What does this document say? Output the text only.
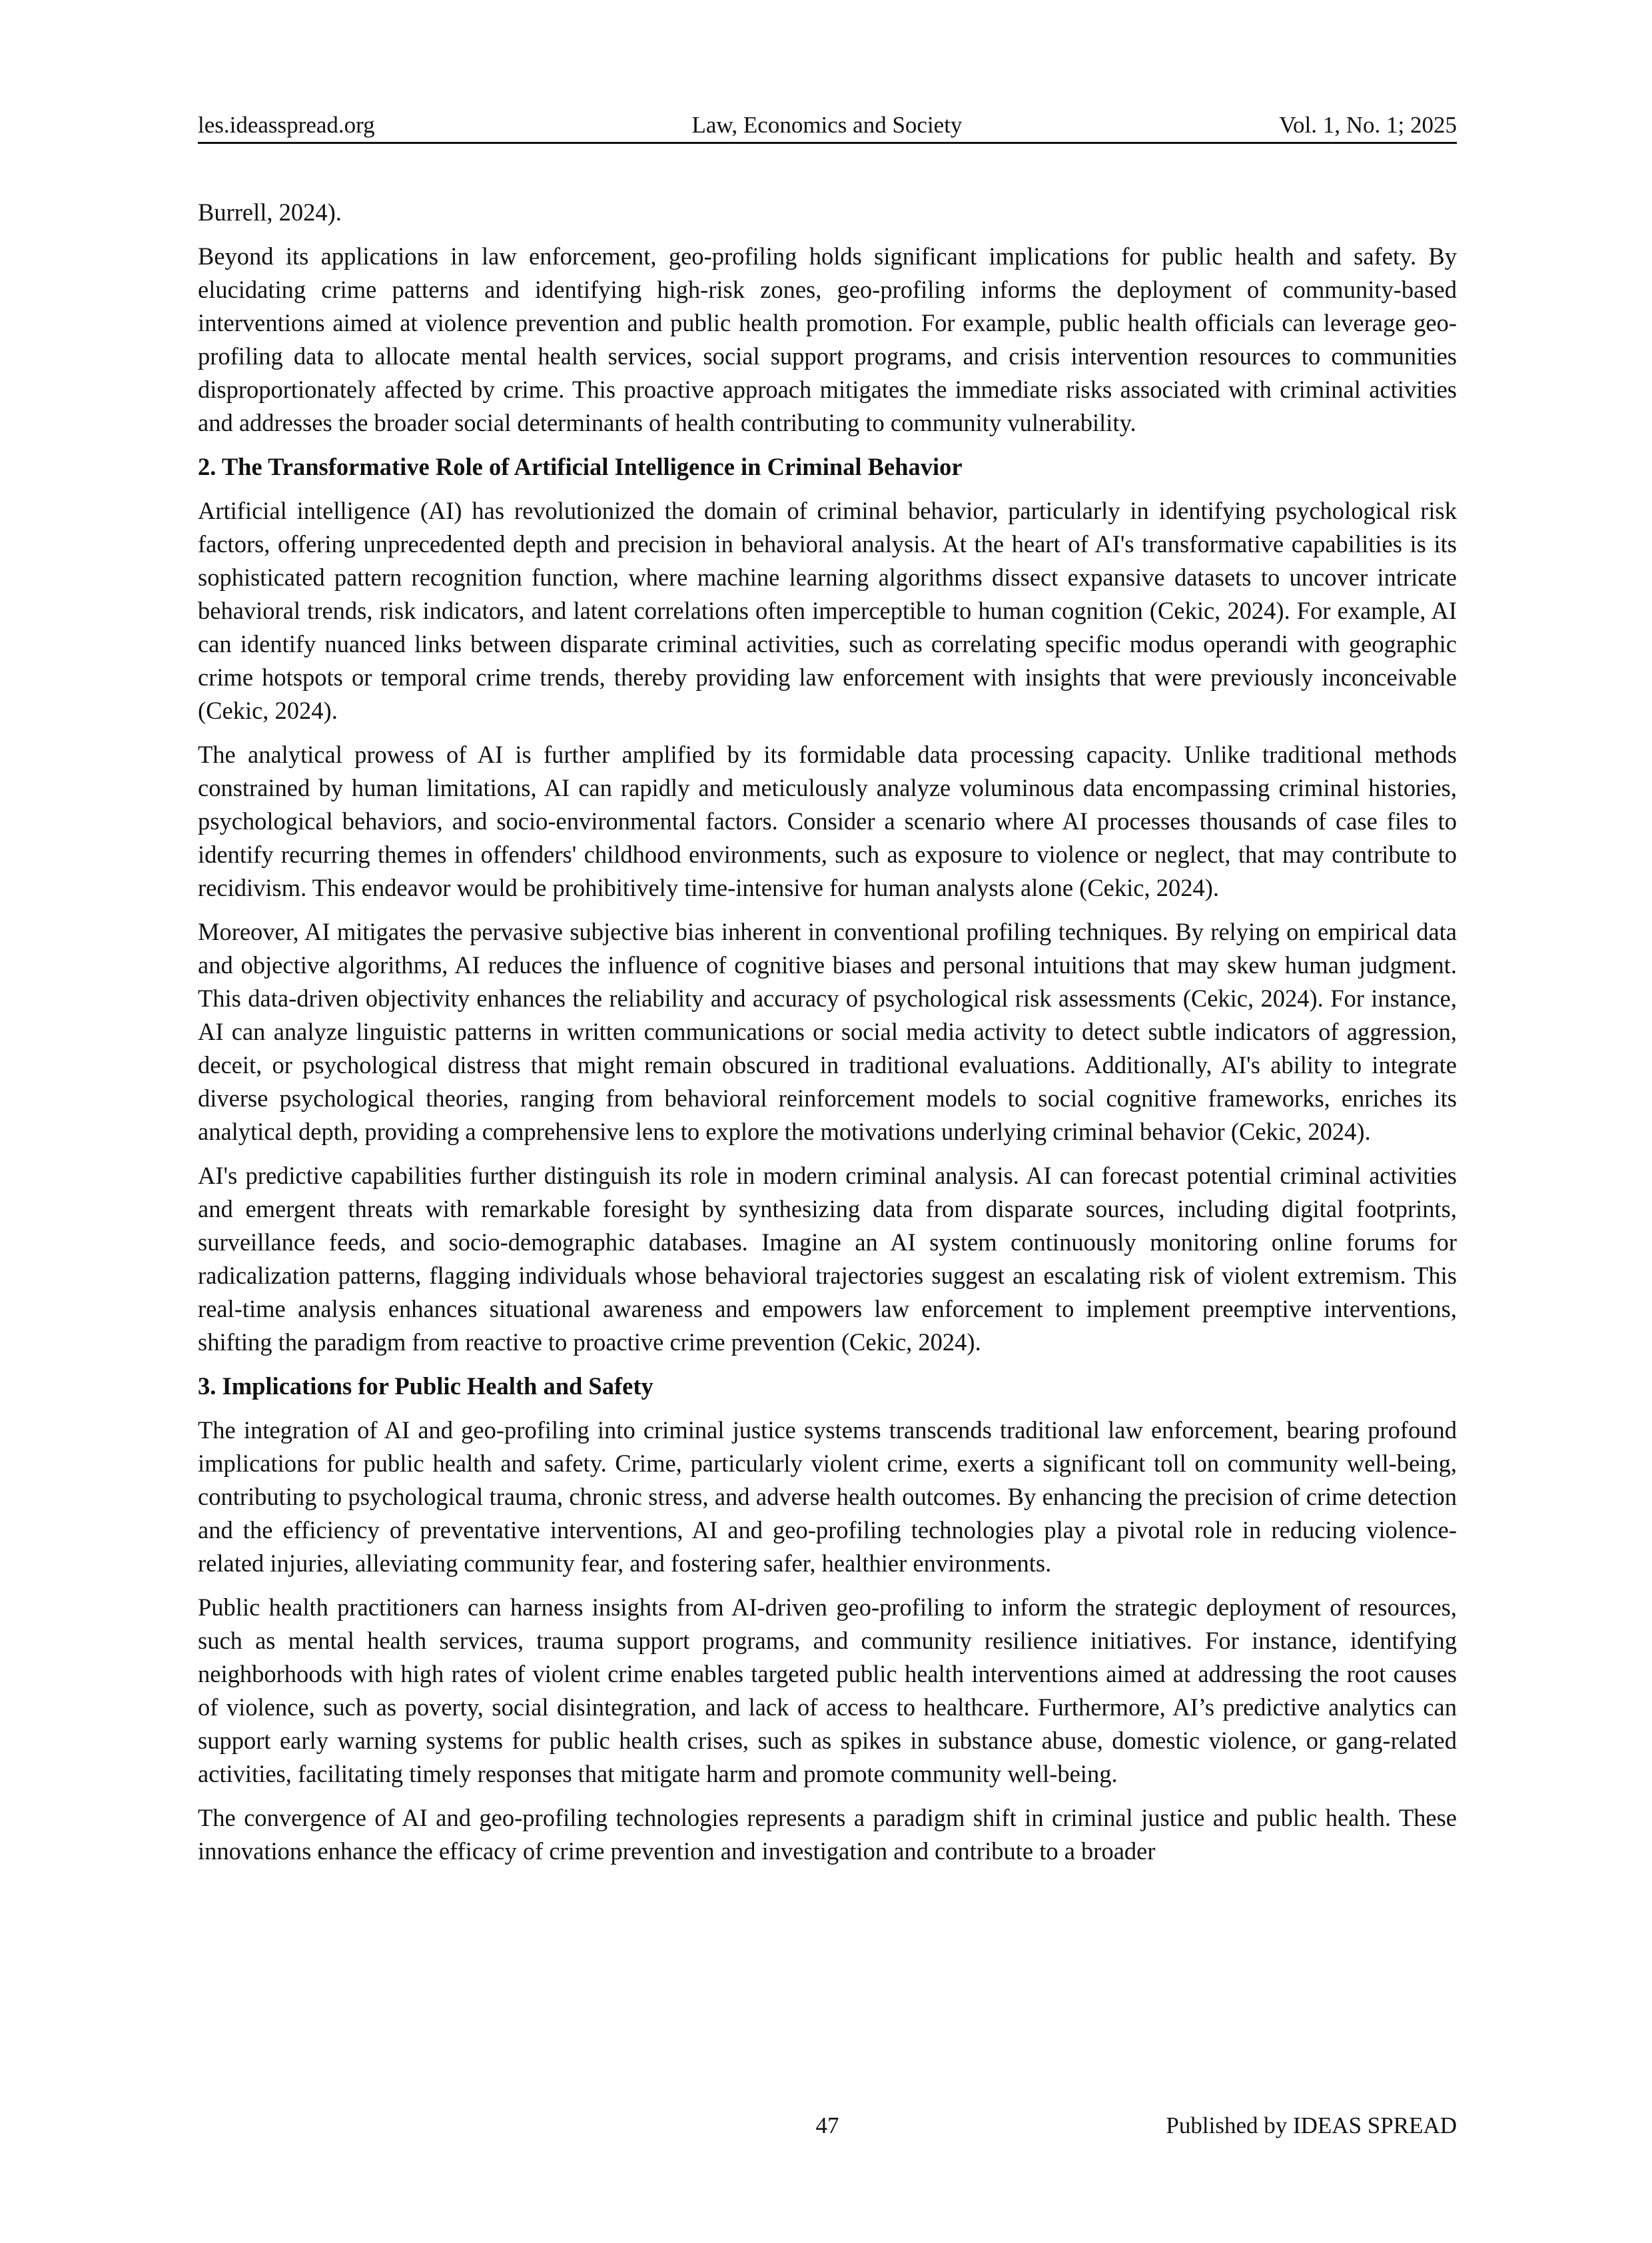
les.ideasspread.org	Law, Economics and Society	Vol. 1, No. 1; 2025

Burrell, 2024).

Beyond its applications in law enforcement, geo-profiling holds significant implications for public health and safety. By elucidating crime patterns and identifying high-risk zones, geo-profiling informs the deployment of community-based interventions aimed at violence prevention and public health promotion. For example, public health officials can leverage geo-profiling data to allocate mental health services, social support programs, and crisis intervention resources to communities disproportionately affected by crime. This proactive approach mitigates the immediate risks associated with criminal activities and addresses the broader social determinants of health contributing to community vulnerability.

2. The Transformative Role of Artificial Intelligence in Criminal Behavior

Artificial intelligence (AI) has revolutionized the domain of criminal behavior, particularly in identifying psychological risk factors, offering unprecedented depth and precision in behavioral analysis. At the heart of AI's transformative capabilities is its sophisticated pattern recognition function, where machine learning algorithms dissect expansive datasets to uncover intricate behavioral trends, risk indicators, and latent correlations often imperceptible to human cognition (Cekic, 2024). For example, AI can identify nuanced links between disparate criminal activities, such as correlating specific modus operandi with geographic crime hotspots or temporal crime trends, thereby providing law enforcement with insights that were previously inconceivable (Cekic, 2024).

The analytical prowess of AI is further amplified by its formidable data processing capacity. Unlike traditional methods constrained by human limitations, AI can rapidly and meticulously analyze voluminous data encompassing criminal histories, psychological behaviors, and socio-environmental factors. Consider a scenario where AI processes thousands of case files to identify recurring themes in offenders' childhood environments, such as exposure to violence or neglect, that may contribute to recidivism. This endeavor would be prohibitively time-intensive for human analysts alone (Cekic, 2024).

Moreover, AI mitigates the pervasive subjective bias inherent in conventional profiling techniques. By relying on empirical data and objective algorithms, AI reduces the influence of cognitive biases and personal intuitions that may skew human judgment. This data-driven objectivity enhances the reliability and accuracy of psychological risk assessments (Cekic, 2024). For instance, AI can analyze linguistic patterns in written communications or social media activity to detect subtle indicators of aggression, deceit, or psychological distress that might remain obscured in traditional evaluations. Additionally, AI's ability to integrate diverse psychological theories, ranging from behavioral reinforcement models to social cognitive frameworks, enriches its analytical depth, providing a comprehensive lens to explore the motivations underlying criminal behavior (Cekic, 2024).

AI's predictive capabilities further distinguish its role in modern criminal analysis. AI can forecast potential criminal activities and emergent threats with remarkable foresight by synthesizing data from disparate sources, including digital footprints, surveillance feeds, and socio-demographic databases. Imagine an AI system continuously monitoring online forums for radicalization patterns, flagging individuals whose behavioral trajectories suggest an escalating risk of violent extremism. This real-time analysis enhances situational awareness and empowers law enforcement to implement preemptive interventions, shifting the paradigm from reactive to proactive crime prevention (Cekic, 2024).

3. Implications for Public Health and Safety

The integration of AI and geo-profiling into criminal justice systems transcends traditional law enforcement, bearing profound implications for public health and safety. Crime, particularly violent crime, exerts a significant toll on community well-being, contributing to psychological trauma, chronic stress, and adverse health outcomes. By enhancing the precision of crime detection and the efficiency of preventative interventions, AI and geo-profiling technologies play a pivotal role in reducing violence-related injuries, alleviating community fear, and fostering safer, healthier environments.

Public health practitioners can harness insights from AI-driven geo-profiling to inform the strategic deployment of resources, such as mental health services, trauma support programs, and community resilience initiatives. For instance, identifying neighborhoods with high rates of violent crime enables targeted public health interventions aimed at addressing the root causes of violence, such as poverty, social disintegration, and lack of access to healthcare. Furthermore, AI’s predictive analytics can support early warning systems for public health crises, such as spikes in substance abuse, domestic violence, or gang-related activities, facilitating timely responses that mitigate harm and promote community well-being.

The convergence of AI and geo-profiling technologies represents a paradigm shift in criminal justice and public health. These innovations enhance the efficacy of crime prevention and investigation and contribute to a broader

47	Published by IDEAS SPREAD
